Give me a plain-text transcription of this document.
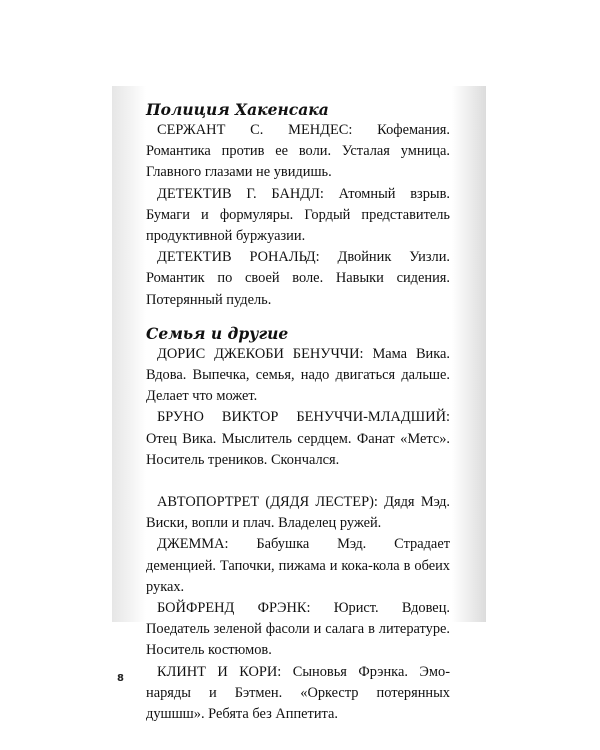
Полиция Хакенсака

СЕРЖАНТ С. МЕНДЕС: Кофемания. Романтика против ее воли. Усталая умница. Главного глазами не увидишь.

ДЕТЕКТИВ Г. БАНДЛ: Атомный взрыв. Бумаги и формуляры. Гордый представитель продуктивной буржуазии.

ДЕТЕКТИВ РОНАЛЬД: Двойник Уизли. Романтик по своей воле. Навыки сидения. Потерянный пудель.

Семья и другие

ДОРИС ДЖЕКОБИ БЕНУЧЧИ: Мама Вика. Вдова. Выпечка, семья, надо двигаться дальше. Делает что может.

БРУНО ВИКТОР БЕНУЧЧИ-МЛАДШИЙ: Отец Вика. Мыслитель сердцем. Фанат «Метс». Носитель треников. Скончался.

АВТОПОРТРЕТ (ДЯДЯ ЛЕСТЕР): Дядя Мэд. Виски, вопли и плач. Владелец ружей.

ДЖЕММА: Бабушка Мэд. Страдает деменцией. Тапочки, пижама и кока-кола в обеих руках.

БОЙФРЕНД ФРЭНК: Юрист. Вдовец. Поедатель зеленой фасоли и салага в литературе. Носитель костюмов.

КЛИНТ И КОРИ: Сыновья Фрэнка. Эмо-наряды и Бэтмен. «Оркестр потерянных душшш». Ребята без Аппетита.

8
